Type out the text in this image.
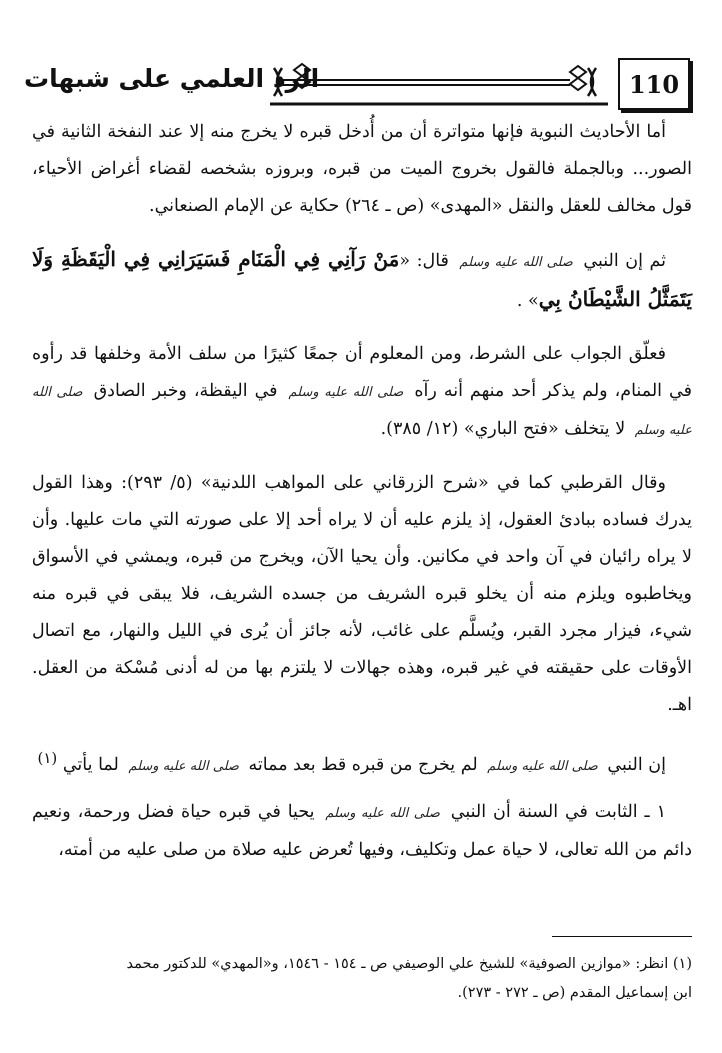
110
الرد العلمي على شبهات

أما الأحاديث النبوية فإنها متواترة أن من أُدخل قبره لا يخرج منه إلا عند النفخة الثانية في الصور... وبالجملة فالقول بخروج الميت من قبره، وبروزه بشخصه لقضاء أغراض الأحياء، قول مخالف للعقل والنقل «المهدى» (ص ـ ٢٦٤) حكاية عن الإمام الصنعاني.

ثم إن النبي صلى الله عليه وسلم قال: «مَنْ رَآنِي فِي الْمَنَامِ فَسَيَرَانِي فِي الْيَقَظَةِ وَلَا يَتَمَثَّلُ الشَّيْطَانُ بِي» .

فعلّق الجواب على الشرط، ومن المعلوم أن جمعًا كثيرًا من سلف الأمة وخلفها قد رأوه في المنام، ولم يذكر أحد منهم أنه رآه صلى الله عليه وسلم في اليقظة، وخبر الصادق صلى الله عليه وسلم لا يتخلف «فتح الباري» (١٢/ ٣٨٥).

وقال القرطبي كما في «شرح الزرقاني على المواهب اللدنية» (٥/ ٢٩٣): وهذا القول يدرك فساده ببادئ العقول، إذ يلزم عليه أن لا يراه أحد إلا على صورته التي مات عليها. وأن لا يراه رائيان في آن واحد في مكانين. وأن يحيا الآن، ويخرج من قبره، ويمشي في الأسواق ويخاطبوه ويلزم منه أن يخلو قبره الشريف من جسده الشريف، فلا يبقى في قبره منه شيء، فيزار مجرد القبر، ويُسلَّم على غائب، لأنه جائز أن يُرى في الليل والنهار، مع اتصال الأوقات على حقيقته في غير قبره، وهذه جهالات لا يلتزم بها من له أدنى مُسْكة من العقل. اهـ.

إن النبي صلى الله عليه وسلم لم يخرج من قبره قط بعد مماته صلى الله عليه وسلم لما يأتي (١)

١ ـ الثابت في السنة أن النبي صلى الله عليه وسلم يحيا في قبره حياة فضل ورحمة، ونعيم دائم من الله تعالى، لا حياة عمل وتكليف، وفيها تُعرض عليه صلاة من صلى عليه من أمته،

(١) انظر: «موازين الصوفية» للشيخ علي الوصيفي ص ـ ١٥٤ - ١٥٤٦، و«المهدي» للدكتور محمد

ابن إسماعيل المقدم (ص ـ ٢٧٢ - ٢٧٣).
